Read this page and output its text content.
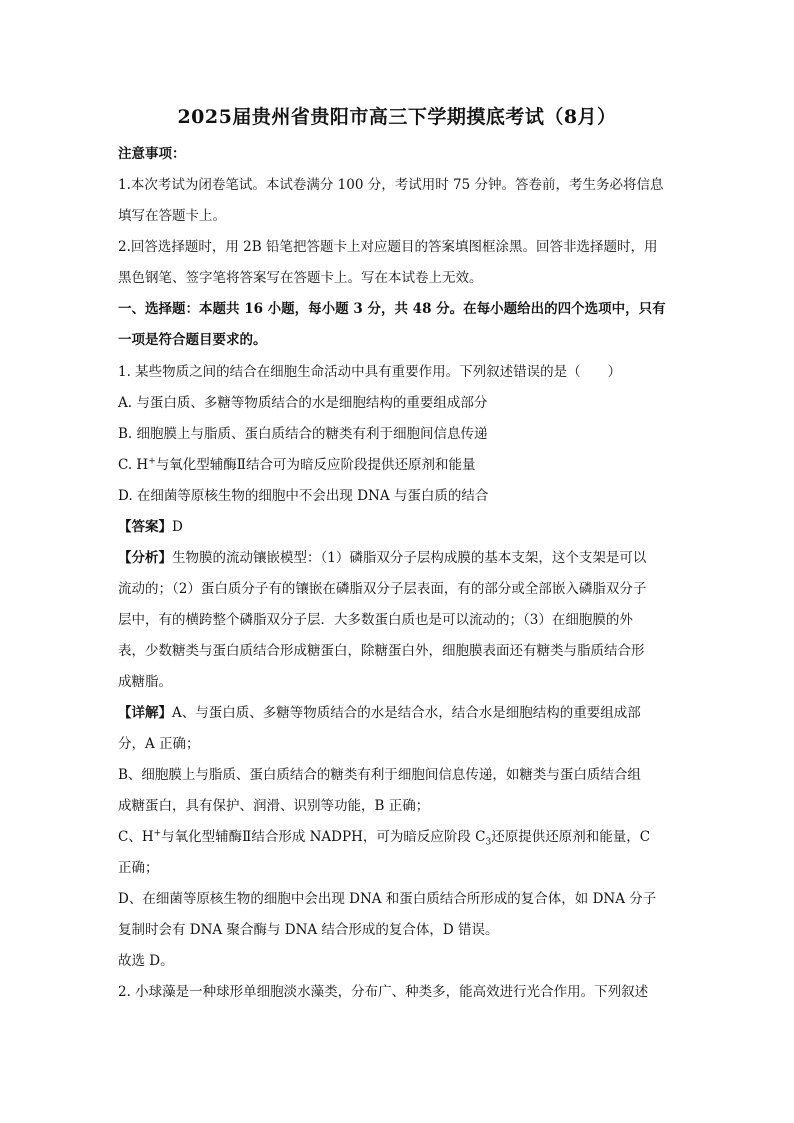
2025届贵州省贵阳市高三下学期摸底考试（8月）
注意事项：
1.本次考试为闭卷笔试。本试卷满分 100 分，考试用时 75 分钟。答卷前，考生务必将信息
填写在答题卡上。
2.回答选择题时，用 2B 铅笔把答题卡上对应题目的答案填图框涂黑。回答非选择题时，用
黑色钢笔、签字笔将答案写在答题卡上。写在本试卷上无效。
一、选择题：本题共 16 小题，每小题 3 分，共 48 分。在每小题给出的四个选项中，只有
一项是符合题目要求的。
1. 某些物质之间的结合在细胞生命活动中具有重要作用。下列叙述错误的是（　　）
A. 与蛋白质、多糖等物质结合的水是细胞结构的重要组成部分
B. 细胞膜上与脂质、蛋白质结合的糖类有利于细胞间信息传递
C. H+与氧化型辅酶Ⅱ结合可为暗反应阶段提供还原剂和能量
D. 在细菌等原核生物的细胞中不会出现 DNA 与蛋白质的结合
【答案】D
【分析】生物膜的流动镶嵌模型：（1）磷脂双分子层构成膜的基本支架，这个支架是可以
流动的；（2）蛋白质分子有的镶嵌在磷脂双分子层表面，有的部分或全部嵌入磷脂双分子
层中，有的横跨整个磷脂双分子层．大多数蛋白质也是可以流动的；（3）在细胞膜的外
表，少数糖类与蛋白质结合形成糖蛋白，除糖蛋白外，细胞膜表面还有糖类与脂质结合形
成糖脂。
【详解】A、与蛋白质、多糖等物质结合的水是结合水，结合水是细胞结构的重要组成部
分，A 正确；
B、细胞膜上与脂质、蛋白质结合的糖类有利于细胞间信息传递，如糖类与蛋白质结合组
成糖蛋白，具有保护、润滑、识别等功能，B 正确；
C、H+与氧化型辅酶Ⅱ结合形成 NADPH，可为暗反应阶段 $C_3$还原提供还原剂和能量，C
正确；
D、在细菌等原核生物的细胞中会出现 DNA 和蛋白质结合所形成的复合体，如 DNA 分子
复制时会有 DNA 聚合酶与 DNA 结合形成的复合体，D 错误。
故选 D。
2. 小球藻是一种球形单细胞淡水藻类，分布广、种类多，能高效进行光合作用。下列叙述
